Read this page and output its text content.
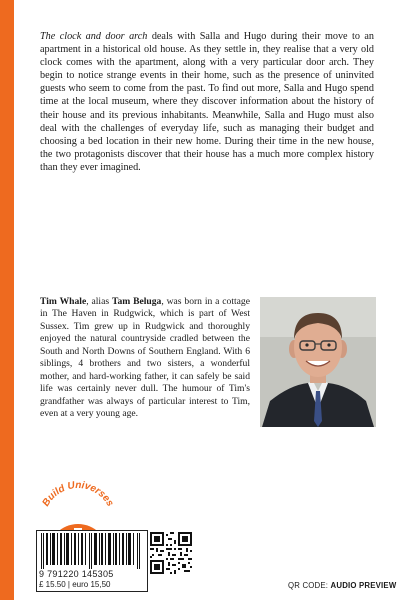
The clock and door arch deals with Salla and Hugo during their move to an apartment in a historical old house. As they settle in, they realise that a very old clock comes with the apartment, along with a very particular door arch. They begin to notice strange events in their home, such as the presence of uninvited guests who seem to come from the past. To find out more, Salla and Hugo spend time at the local museum, where they discover information about the history of their house and its previous inhabitants. Meanwhile, Salla and Hugo must also deal with the challenges of everyday life, such as managing their budget and choosing a bed location in their new home. During their time in the new house, the two protagonists discover that their house has a much more complex history than they ever imagined.
Tim Whale, alias Tam Beluga, was born in a cottage in The Haven in Rudgwick, which is part of West Sussex. Tim grew up in Rudgwick and thoroughly enjoyed the natural countryside cradled between the South and North Downs of Southern England. With 6 siblings, 4 brothers and two sisters, a wonderful mother, and hard-working father, it can safely be said life was certainly never dull. The humour of Tim's grandfather was always of particular interest to Tim, even at a very young age.
Build Universes
9 791220 145305
£ 15.50 | euro 15,50	QR CODE: AUDIO PREVIEW
